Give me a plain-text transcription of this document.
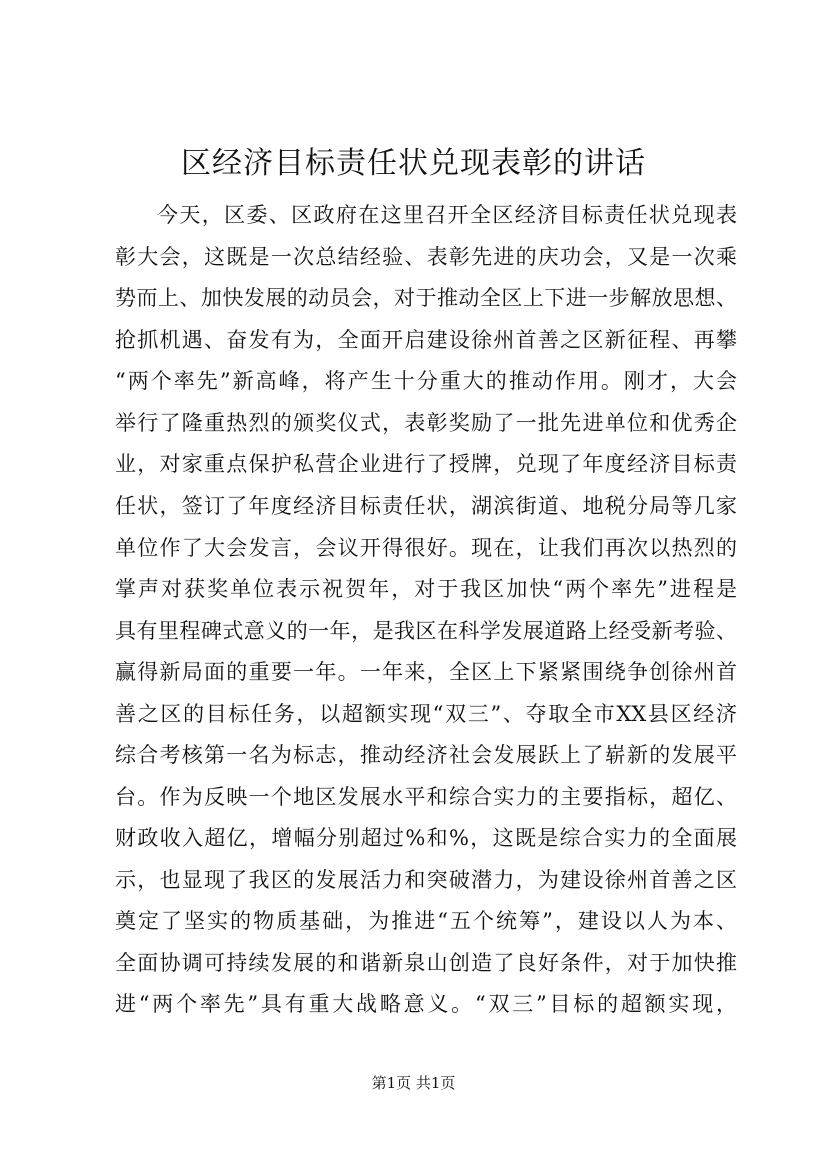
区经济目标责任状兑现表彰的讲话
今天，区委、区政府在这里召开全区经济目标责任状兑现表
彰大会，这既是一次总结经验、表彰先进的庆功会，又是一次乘
势而上、加快发展的动员会，对于推动全区上下进一步解放思想、
抢抓机遇、奋发有为，全面开启建设徐州首善之区新征程、再攀
“两个率先”新高峰，将产生十分重大的推动作用。刚才，大会
举行了隆重热烈的颁奖仪式，表彰奖励了一批先进单位和优秀企
业，对家重点保护私营企业进行了授牌，兑现了年度经济目标责
任状，签订了年度经济目标责任状，湖滨街道、地税分局等几家
单位作了大会发言，会议开得很好。现在，让我们再次以热烈的
掌声对获奖单位表示祝贺年，对于我区加快“两个率先”进程是
具有里程碑式意义的一年，是我区在科学发展道路上经受新考验、
赢得新局面的重要一年。一年来，全区上下紧紧围绕争创徐州首
善之区的目标任务，以超额实现“双三”、夺取全市XX县区经济
综合考核第一名为标志，推动经济社会发展跃上了崭新的发展平
台。作为反映一个地区发展水平和综合实力的主要指标，超亿、
财政收入超亿，增幅分别超过%和%，这既是综合实力的全面展
示，也显现了我区的发展活力和突破潜力，为建设徐州首善之区
奠定了坚实的物质基础，为推进“五个统筹”，建设以人为本、
全面协调可持续发展的和谐新泉山创造了良好条件，对于加快推
进“两个率先”具有重大战略意义。“双三”目标的超额实现，
第1页 共1页
